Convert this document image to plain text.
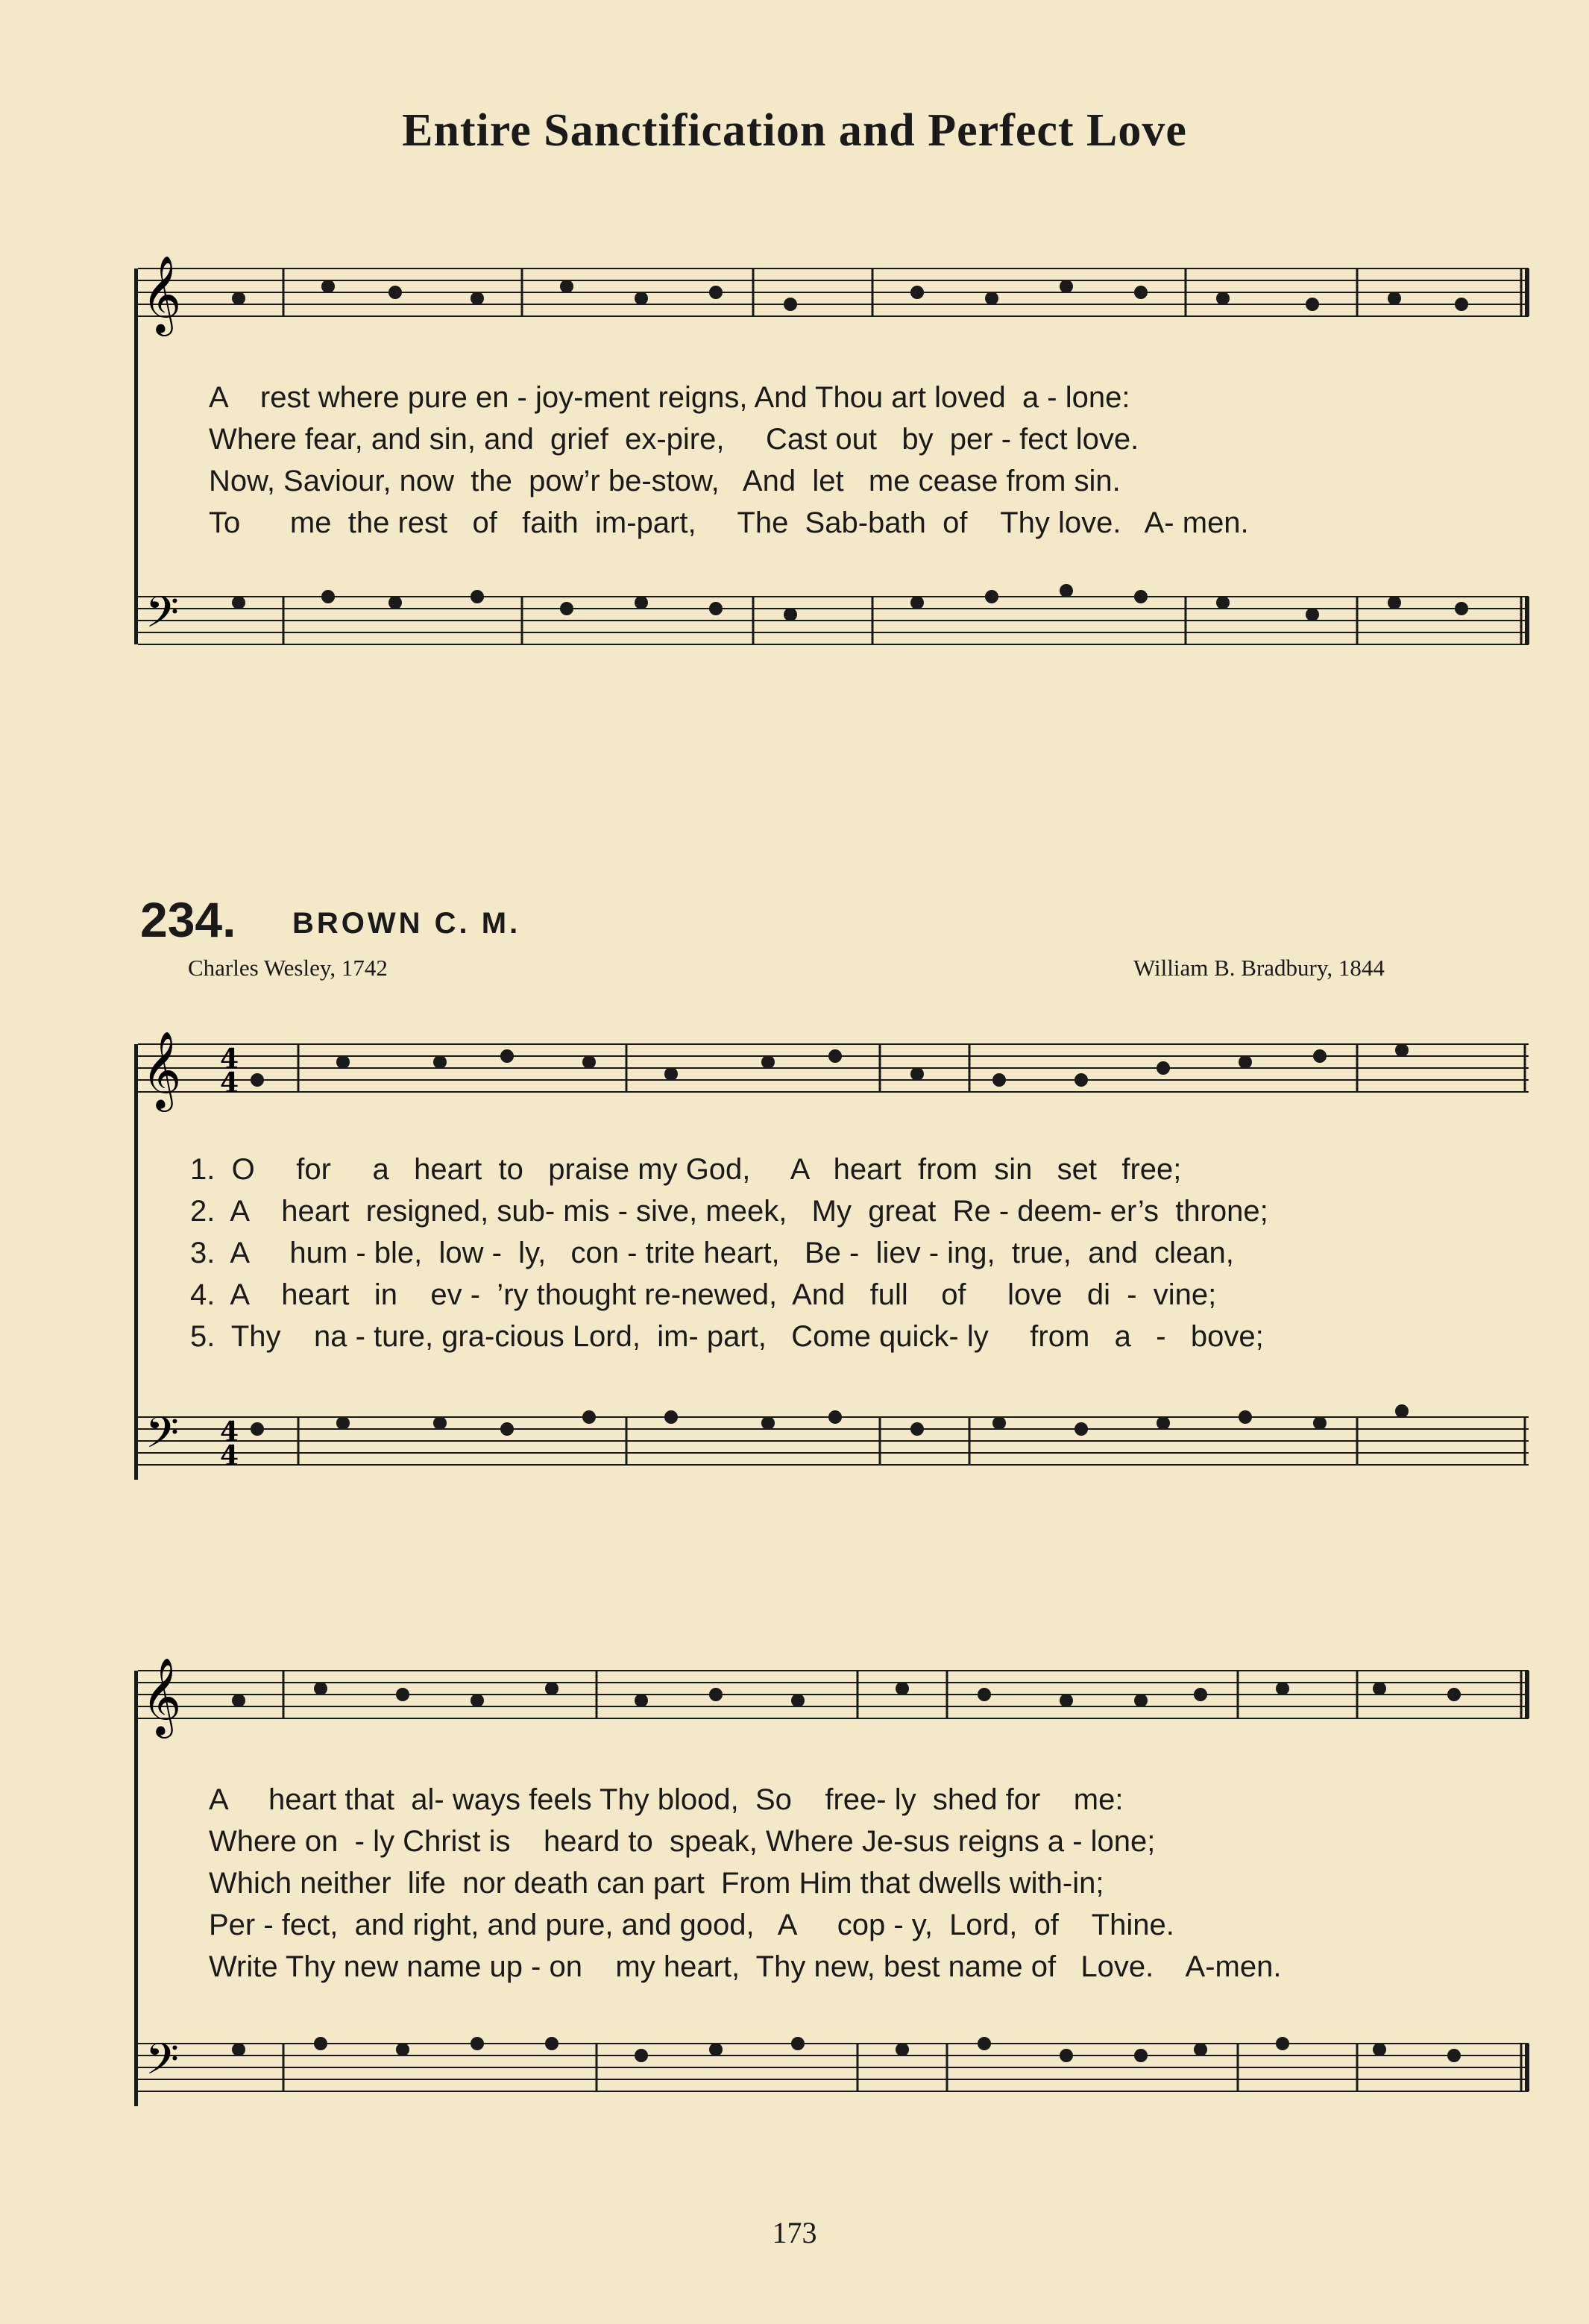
Entire Sanctification and Perfect Love
𝄞
A    rest where pure en - joy-ment reigns, And Thou art loved  a - lone:
Where fear, and sin, and  grief  ex-pire,     Cast out   by  per - fect love.
Now, Saviour, now  the  pow’r be-stow,   And  let   me cease from sin.
To      me  the rest   of   faith  im-part,     The  Sab-bath  of    Thy love.   A- men.
𝄢
234. BROWN C. M.
Charles Wesley, 1742	William B. Bradbury, 1844
𝄞 4
4
1.  O     for     a   heart  to   praise my God,     A   heart  from  sin   set   free;
2.  A    heart  resigned, sub- mis - sive, meek,   My  great  Re - deem- er’s  throne;
3.  A     hum - ble,  low -  ly,   con - trite heart,   Be -  liev - ing,  true,  and  clean,
4.  A    heart   in    ev -  ’ry thought re-newed,  And   full    of     love   di  -  vine;
5.  Thy    na - ture, gra-cious Lord,  im- part,   Come quick- ly     from   a   -   bove;
𝄢 4
4
𝄞
A     heart that  al- ways feels Thy blood,  So    free- ly  shed for    me:
Where on  - ly Christ is    heard to  speak, Where Je-sus reigns a - lone;
Which neither  life  nor death can part  From Him that dwells with-in;
Per - fect,  and right, and pure, and good,   A     cop - y,  Lord,  of    Thine.
Write Thy new name up - on    my heart,  Thy new, best name of   Love.    A-men.
𝄢
173
